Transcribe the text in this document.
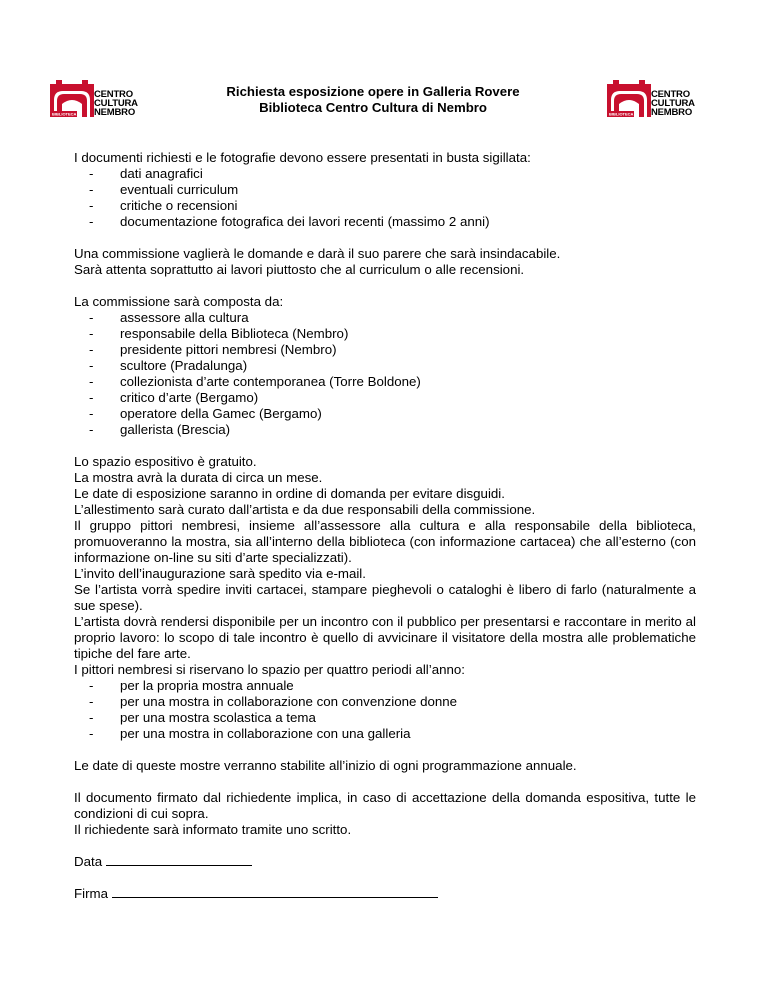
BIBLIOTECA
CENTRO
CULTURA
NEMBRO
Richiesta esposizione opere in Galleria Rovere
Biblioteca Centro Cultura di Nembro	BIBLIOTECA
CENTRO
CULTURA
NEMBRO

I documenti richiesti e le fotografie devono essere presentati in busta sigillata:

- dati anagrafici
- eventuali curriculum
- critiche o recensioni
- documentazione fotografica dei lavori recenti (massimo 2 anni)

Una commissione vaglierà le domande e darà il suo parere che sarà insindacabile.

Sarà attenta soprattutto ai lavori piuttosto che al curriculum o alle recensioni.

La commissione sarà composta da:

- assessore alla cultura
- responsabile della Biblioteca (Nembro)
- presidente pittori nembresi (Nembro)
- scultore (Pradalunga)
- collezionista d’arte contemporanea (Torre Boldone)
- critico d’arte (Bergamo)
- operatore della Gamec (Bergamo)
- gallerista (Brescia)

Lo spazio espositivo è gratuito.

La mostra avrà la durata di circa un mese.

Le date di esposizione saranno in ordine di domanda per evitare disguidi.

L’allestimento sarà curato dall’artista e da due responsabili della commissione.

Il gruppo pittori nembresi, insieme all’assessore alla cultura e alla responsabile della biblioteca, promuoveranno la mostra, sia all’interno della biblioteca (con informazione cartacea) che all’esterno (con informazione on-line su siti d’arte specializzati).

L’invito dell’inaugurazione sarà spedito via e-mail.

Se l’artista vorrà spedire inviti cartacei, stampare pieghevoli o cataloghi è libero di farlo (naturalmente a sue spese).

L’artista dovrà rendersi disponibile per un incontro con il pubblico per presentarsi e raccontare in merito al proprio lavoro: lo scopo di tale incontro è quello di avvicinare il visitatore della mostra alle problematiche tipiche del fare arte.

I pittori nembresi si riservano lo spazio per quattro periodi all’anno:

- per la propria mostra annuale
- per una mostra in collaborazione con convenzione donne
- per una mostra scolastica a tema
- per una mostra in collaborazione con una galleria

Le date di queste mostre verranno stabilite all’inizio di ogni programmazione annuale.

Il documento firmato dal richiedente implica, in caso di accettazione della domanda espositiva, tutte le condizioni di cui sopra.

Il richiedente sarà informato tramite uno scritto.

Data
Firma
